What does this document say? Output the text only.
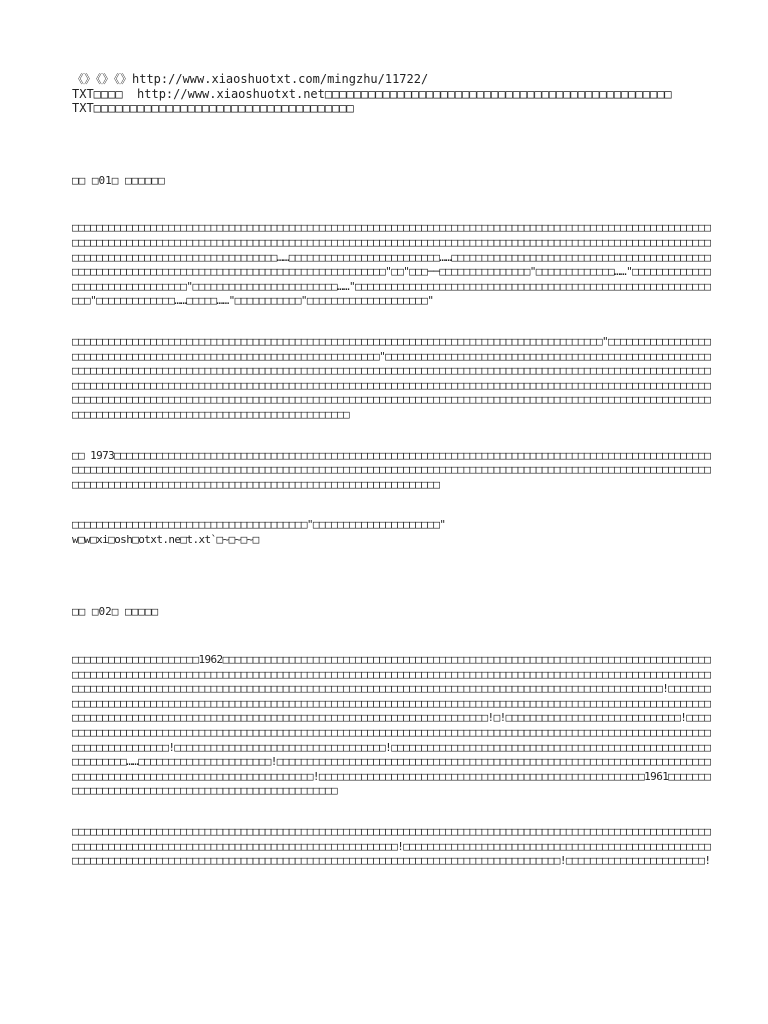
《》《》《》http://www.xiaoshuotxt.com/mingzhu/11722/
TXT□□□□  http://www.xiaoshuotxt.net□□□□□□□□□□□□□□□□□□□□□□□□□□□□□□□□□□□□□□□□□□□□□□□□
TXT□□□□□□□□□□□□□□□□□□□□□□□□□□□□□□□□□□□□
□□ □01□ □□□□□□
□□□□□□□□□□□□□□□□□□□□□□□□□□□□□□□□□□□□□□□□□□□□□□□□□□□□□□□□□□□□□□□□□□□□□□□□□□□□□□□□□□□□□□□□□□□□□□□□□□□□□□□□□□□□□□□□□□□□□□□□□□□□□□□□□□□□□□□□□□□□□□□□□□□□□□□□□□□□□□□□□□□□□□□□□□□□□□□□□□□□□□□□□□□□□□□□□□□□□□□□□□□□□□□□□□□□□□□□□□□□□□□□□□□□□□□□□□□□□□□□□□□□□□……□□□□□□□□□□□□□□□□□□□□□□□□□……□□□□□□□□□□□□□□□□□□□□□□□□□□□□□□□□□□□□□□□□□□□□□□□□□□□□□□□□□□□□□□□□□□□□□□□□□□□□□□□□□□□□□□□□□□□□□□□"□□"□□□──□□□□□□□□□□□□□□□"□□□□□□□□□□□□□……"□□□□□□□□□□□□□□□□□□□□□□□□□□□□□□□□"□□□□□□□□□□□□□□□□□□□□□□□□……"□□□□□□□□□□□□□□□□□□□□□□□□□□□□□□□□□□□□□□□□□□□□□□□□□□□□□□□□□□□□□□"□□□□□□□□□□□□□……□□□□□……"□□□□□□□□□□□"□□□□□□□□□□□□□□□□□□□□"
□□□□□□□□□□□□□□□□□□□□□□□□□□□□□□□□□□□□□□□□□□□□□□□□□□□□□□□□□□□□□□□□□□□□□□□□□□□□□□□□□□□□□□□□"□□□□□□□□□□□□□□□□□□□□□□□□□□□□□□□□□□□□□□□□□□□□□□□□□□□□□□□□□□□□□□□□□□□□"□□□□□□□□□□□□□□□□□□□□□□□□□□□□□□□□□□□□□□□□□□□□□□□□□□□□□□□□□□□□□□□□□□□□□□□□□□□□□□□□□□□□□□□□□□□□□□□□□□□□□□□□□□□□□□□□□□□□□□□□□□□□□□□□□□□□□□□□□□□□□□□□□□□□□□□□□□□□□□□□□□□□□□□□□□□□□□□□□□□□□□□□□□□□□□□□□□□□□□□□□□□□□□□□□□□□□□□□□□□□□□□□□□□□□□□□□□□□□□□□□□□□□□□□□□□□□□□□□□□□□□□□□□□□□□□□□□□□□□□□□□□□□□□□□□□□□□□□□□□□□□□□□□□□□□□□□□□□□□□□□□□□□□□□□□□□□□□□□□□□□□□□□□□□□□□□□□□□□□□□□□□□□□□□□□□□□□□□□□□□□□□□□□□□□□□□□□□□□□□□□□□□□□□□□□□□□□□□□□
□□ 1973□□□□□□□□□□□□□□□□□□□□□□□□□□□□□□□□□□□□□□□□□□□□□□□□□□□□□□□□□□□□□□□□□□□□□□□□□□□□□□□□□□□□□□□□□□□□□□□□□□□□□□□□□□□□□□□□□□□□□□□□□□□□□□□□□□□□□□□□□□□□□□□□□□□□□□□□□□□□□□□□□□□□□□□□□□□□□□□□□□□□□□□□□□□□□□□□□□□□□□□□□□□□□□□□□□□□□□□□□□□□□□□□□□□□□□□□□□□□□□□□□□□□□□□□□□□□□□□□□□□□□□□□□□
□□□□□□□□□□□□□□□□□□□□□□□□□□□□□□□□□□□□□□□"□□□□□□□□□□□□□□□□□□□□□"
w□w□xi□osh□otxt.ne□t.xt`□~□~□~□
□□ □02□ □□□□□
□□□□□□□□□□□□□□□□□□□□□1962□□□□□□□□□□□□□□□□□□□□□□□□□□□□□□□□□□□□□□□□□□□□□□□□□□□□□□□□□□□□□□□□□□□□□□□□□□□□□□□□□□□□□□□□□□□□□□□□□□□□□□□□□□□□□□□□□□□□□□□□□□□□□□□□□□□□□□□□□□□□□□□□□□□□□□□□□□□□□□□□□□□□□□□□□□□□□□□□□□□□□□□□□□□□□□□□□□□□□□□□□□□□□□□□□□□□□□□□□□□□□□□□□□□□□□□□□□□□□□□□□□□□□□□□□□□□□□□□□□□□□□□□□□□□□□□□□□□□□□□□□□□□□!□□□□□□□□□□□□□□□□□□□□□□□□□□□□□□□□□□□□□□□□□□□□□□□□□□□□□□□□□□□□□□□□□□□□□□□□□□□□□□□□□□□□□□□□□□□□□□□□□□□□□□□□□□□□□□□□□□□□□□□□□□□□□□□□□□□□□□□□□□□□□□□□□□□□□□□□□□□□□□□□□□□□□□□□□□□□□□□□□□□□□□!□!□□□□□□□□□□□□□□□□□□□□□□□□□□□□□!□□□□□□□□□□□□□□□□□□□□□□□□□□□□□□□□□□□□□□□□□□□□□□□□□□□□□□□□□□□□□□□□□□□□□□□□□□□□□□□□□□□□□□□□□□□□□□□□□□□□□□□□□□□□□□□□□□□□□□□□□□□□□□!□□□□□□□□□□□□□□□□□□□□□□□□□□□□□□□□□□□!□□□□□□□□□□□□□□□□□□□□□□□□□□□□□□□□□□□□□□□□□□□□□□□□□□□□□□□□□□□□□□……□□□□□□□□□□□□□□□□□□□□□□!□□□□□□□□□□□□□□□□□□□□□□□□□□□□□□□□□□□□□□□□□□□□□□□□□□□□□□□□□□□□□□□□□□□□□□□□□□□□□□□□□□□□□□□□□□□□□□□□□□□□□□□□□□□□□□□□!□□□□□□□□□□□□□□□□□□□□□□□□□□□□□□□□□□□□□□□□□□□□□□□□□□□□□□1961□□□□□□□□□□□□□□□□□□□□□□□□□□□□□□□□□□□□□□□□□□□□□□□□□□□
□□□□□□□□□□□□□□□□□□□□□□□□□□□□□□□□□□□□□□□□□□□□□□□□□□□□□□□□□□□□□□□□□□□□□□□□□□□□□□□□□□□□□□□□□□□□□□□□□□□□□□□□□□□□□□□□□□□□□□□□□□□□□□□□□□□□□□□□□□□□□□□□□□□□□□□□□□□□□□□□!□□□□□□□□□□□□□□□□□□□□□□□□□□□□□□□□□□□□□□□□□□□□□□□□□□□□□□□□□□□□□□□□□□□□□□□□□□□□□□□□□□□□□□□□□□□□□□□□□□□□□□□□□□□□□□□□□□□□□□□□□□□□□□□□□□□□!□□□□□□□□□□□□□□□□□□□□□□□!
